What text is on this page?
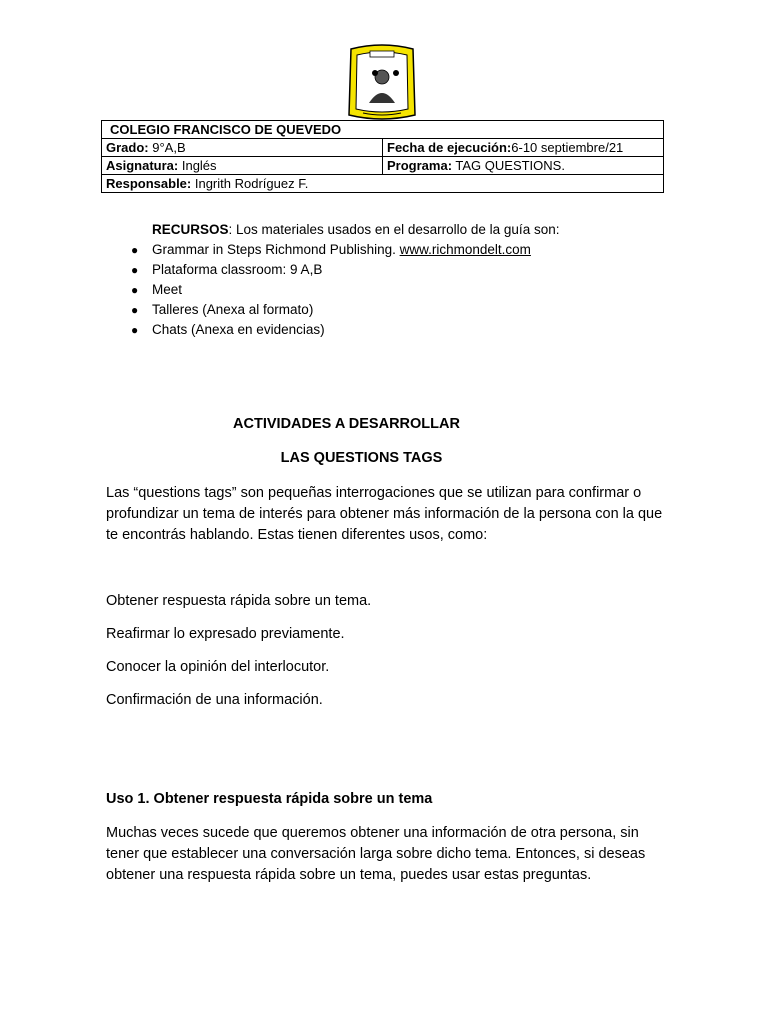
COLEGIO FRANCISCO DE QUEVEDO	
Grado: 9°A,B	Fecha de ejecución:6-10 septiembre/21
Asignatura: Inglés	Programa: TAG QUESTIONS.
Responsable: Ingrith Rodríguez F.	
RECURSOS: Los materiales usados en el desarrollo de la guía son:
● Grammar in Steps Richmond Publishing. www.richmondelt.com
● Plataforma classroom: 9 A,B
● Meet
● Talleres (Anexa al formato)
● Chats (Anexa en evidencias)
ACTIVIDADES A DESARROLLAR
LAS QUESTIONS TAGS
Las “questions tags” son pequeñas interrogaciones que se utilizan para confirmar o profundizar un tema de interés para obtener más información de la persona con la que te encontrás hablando. Estas tienen diferentes usos, como:
Obtener respuesta rápida sobre un tema.
Reafirmar lo expresado previamente.
Conocer la opinión del interlocutor.
Confirmación de una información.
Uso 1. Obtener respuesta rápida sobre un tema
Muchas veces sucede que queremos obtener una información de otra persona, sin tener que establecer una conversación larga sobre dicho tema. Entonces, si deseas obtener una respuesta rápida sobre un tema, puedes usar estas preguntas.
